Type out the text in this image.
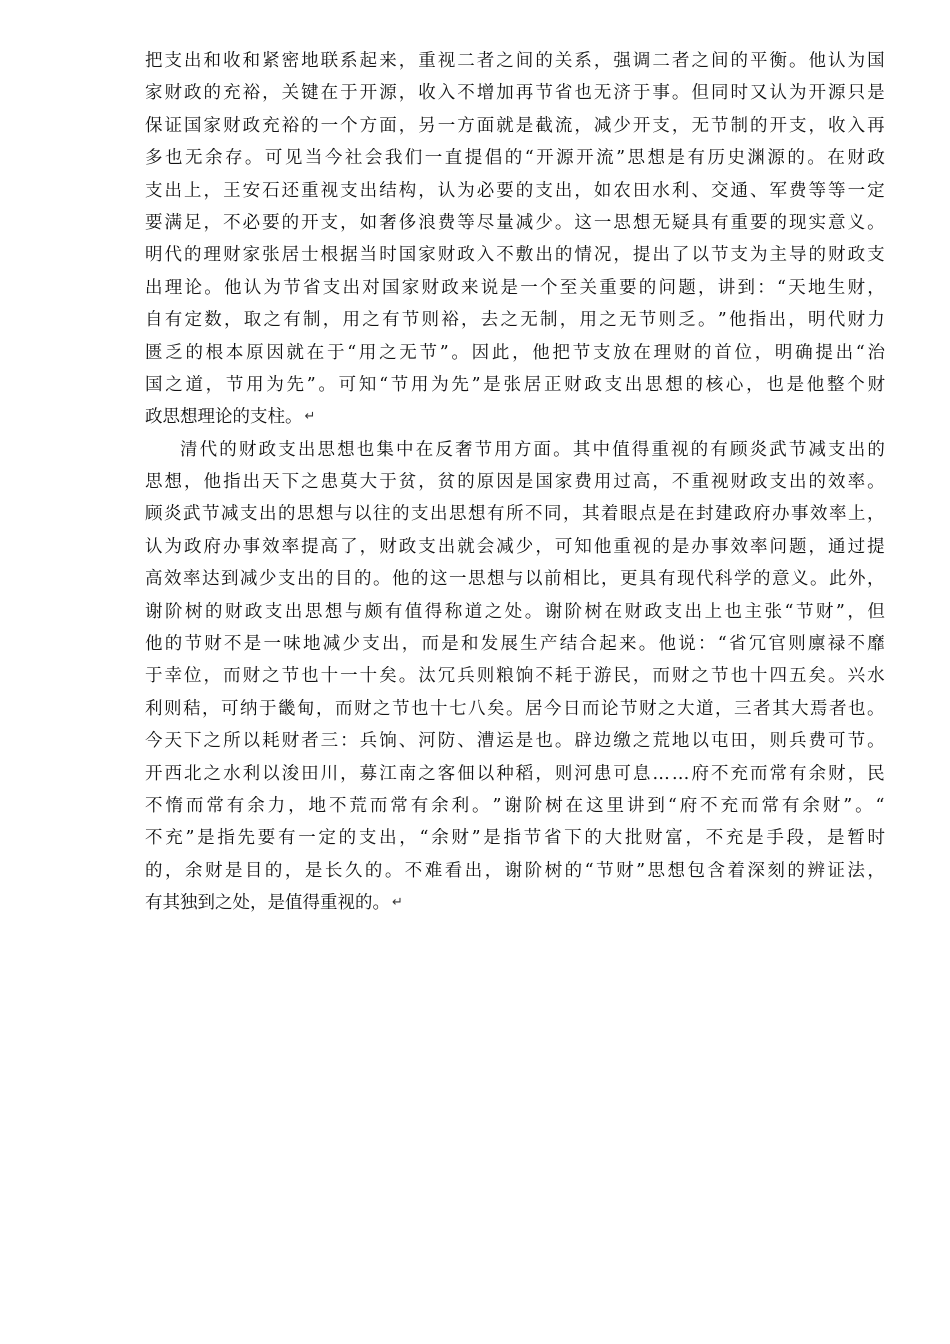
把 支 出 和 收 和 紧 密 地 联 系 起 来 ， 重 视 二 者 之 间 的 关 系 ， 强 调 二 者 之 间 的 平 衡 。 他 认 为 国
家 财 政 的 充 裕 ， 关 键 在 于 开 源 ， 收 入 不 增 加 再 节 省 也 无 济 于 事 。 但 同 时 又 认 为 开 源 只 是
保 证 国 家 财 政 充 裕 的 一 个 方 面 ， 另 一 方 面 就 是 截 流 ， 减 少 开 支 ， 无 节 制 的 开 支 ， 收 入 再
多 也 无 余 存 。 可 见 当 今 社 会 我 们 一 直 提 倡 的 “ 开 源 开 流 ” 思 想 是 有 历 史 渊 源 的 。 在 财 政
支 出 上 ， 王 安 石 还 重 视 支 出 结 构 ， 认 为 必 要 的 支 出 ， 如 农 田 水 利 、 交 通 、 军 费 等 等 一 定
要 满 足 ， 不 必 要 的 开 支 ， 如 奢 侈 浪 费 等 尽 量 减 少 。 这 一 思 想 无 疑 具 有 重 要 的 现 实 意 义 。
明 代 的 理 财 家 张 居 士 根 据 当 时 国 家 财 政 入 不 敷 出 的 情 况 ， 提 出 了 以 节 支 为 主 导 的 财 政 支
出 理 论 。 他 认 为 节 省 支 出 对 国 家 财 政 来 说 是 一 个 至 关 重 要 的 问 题 ， 讲 到 ： “ 天 地 生 财 ，
自 有 定 数 ， 取 之 有 制 ， 用 之 有 节 则 裕 ， 去 之 无 制 ， 用 之 无 节 则 乏 。 ” 他 指 出 ， 明 代 财 力
匮 乏 的 根 本 原 因 就 在 于 “ 用 之 无 节 ” 。 因 此 ， 他 把 节 支 放 在 理 财 的 首 位 ， 明 确 提 出 “ 治
国 之 道 ， 节 用 为 先 ” 。 可 知 “ 节 用 为 先 ” 是 张 居 正 财 政 支 出 思 想 的 核 心 ， 也 是 他 整 个 财
政思想理论的支柱。 ↵
清 代 的 财 政 支 出 思 想 也 集 中 在 反 奢 节 用 方 面 。 其 中 值 得 重 视 的 有 顾 炎 武 节 减 支 出 的
思 想 ， 他 指 出 天 下 之 患 莫 大 于 贫 ， 贫 的 原 因 是 国 家 费 用 过 高 ， 不 重 视 财 政 支 出 的 效 率 。
顾 炎 武 节 减 支 出 的 思 想 与 以 往 的 支 出 思 想 有 所 不 同 ， 其 着 眼 点 是 在 封 建 政 府 办 事 效 率 上 ，
认 为 政 府 办 事 效 率 提 高 了 ， 财 政 支 出 就 会 减 少 ， 可 知 他 重 视 的 是 办 事 效 率 问 题 ， 通 过 提
高 效 率 达 到 减 少 支 出 的 目 的 。 他 的 这 一 思 想 与 以 前 相 比 ， 更 具 有 现 代 科 学 的 意 义 。 此 外 ，
谢 阶 树 的 财 政 支 出 思 想 与 颇 有 值 得 称 道 之 处 。 谢 阶 树 在 财 政 支 出 上 也 主 张 “ 节 财 ” ， 但
他 的 节 财 不 是 一 味 地 减 少 支 出 ， 而 是 和 发 展 生 产 结 合 起 来 。 他 说 ： “ 省 冗 官 则 廪 禄 不 靡
于 幸 位 ， 而 财 之 节 也 十 一 十 矣 。 汰 冗 兵 则 粮 饷 不 耗 于 游 民 ， 而 财 之 节 也 十 四 五 矣 。 兴 水
利 则 秸 ， 可 纳 于 畿 甸 ， 而 财 之 节 也 十 七 八 矣 。 居 今 日 而 论 节 财 之 大 道 ， 三 者 其 大 焉 者 也 。
今 天 下 之 所 以 耗 财 者 三 ： 兵 饷 、 河 防 、 漕 运 是 也 。 辟 边 缴 之 荒 地 以 屯 田 ， 则 兵 费 可 节 。
开 西 北 之 水 利 以 浚 田 川 ， 募 江 南 之 客 佃 以 种 稻 ， 则 河 患 可 息 … … 府 不 充 而 常 有 余 财 ， 民
不 惰 而 常 有 余 力 ， 地 不 荒 而 常 有 余 利 。 ” 谢 阶 树 在 这 里 讲 到 “ 府 不 充 而 常 有 余 财 ” 。 “
不 充 ” 是 指 先 要 有 一 定 的 支 出 ， “ 余 财 ” 是 指 节 省 下 的 大 批 财 富 ， 不 充 是 手 段 ， 是 暂 时
的 ， 余 财 是 目 的 ， 是 长 久 的 。 不 难 看 出 ， 谢 阶 树 的 “ 节 财 ” 思 想 包 含 着 深 刻 的 辨 证 法 ，
有其独到之处，是值得重视的。 ↵
